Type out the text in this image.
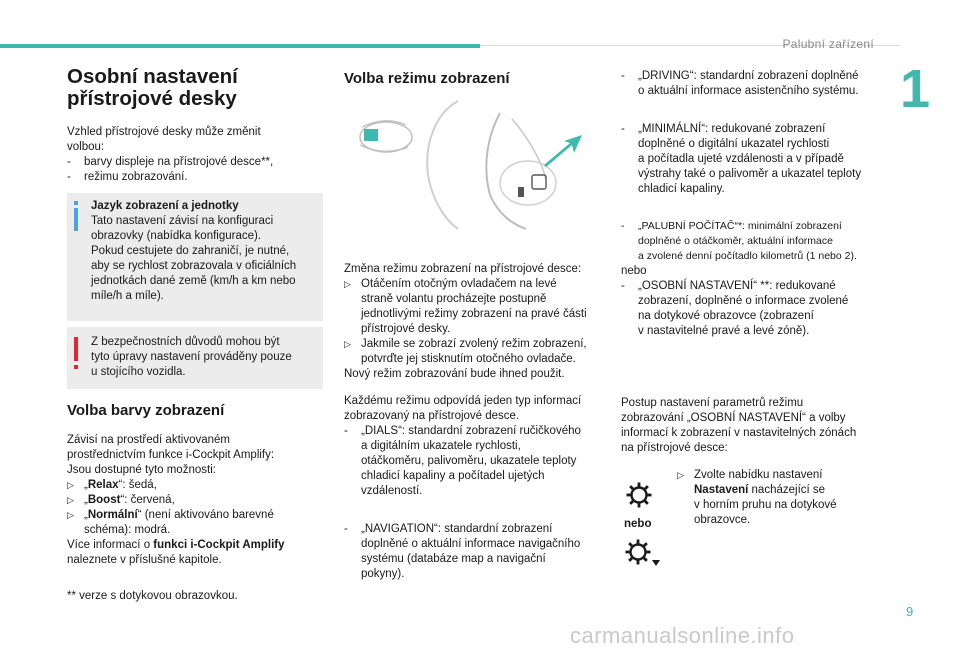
Palubní zařízení
1
Osobní nastavení
přístrojové desky
Vzhled přístrojové desky může změnit
volbou:
- barvy displeje na přístrojové desce**,
- režimu zobrazování.
Jazyk zobrazení a jednotky
Tato nastavení závisí na konfiguraci
obrazovky (nabídka konfigurace).
Pokud cestujete do zahraničí, je nutné,
aby se rychlost zobrazovala v oficiálních
jednotkách dané země (km/h a km nebo
míle/h a míle).
Z bezpečnostních důvodů mohou být
tyto úpravy nastavení prováděny pouze
u stojícího vozidla.
Volba barvy zobrazení
Závisí na prostředí aktivovaném
prostřednictvím funkce i-Cockpit Amplify:
Jsou dostupné tyto možnosti:
▷ „Relax“: šedá,
▷ „Boost“: červená,
▷ „Normální“ (není aktivováno barevné
schéma): modrá.
Více informací o funkci i-Cockpit Amplify
naleznete v příslušné kapitole.
** verze s dotykovou obrazovkou.
Volba režimu zobrazení
Změna režimu zobrazení na přístrojové desce:
▷ Otáčením otočným ovladačem na levé
straně volantu procházejte postupně
jednotlivými režimy zobrazení na pravé části
přístrojové desky.
▷ Jakmile se zobrazí zvolený režim zobrazení,
potvrďte jej stisknutím otočného ovladače.
Nový režim zobrazování bude ihned použit.
Každému režimu odpovídá jeden typ informací
zobrazovaný na přístrojové desce.
- „DIALS“: standardní zobrazení ručičkového
a digitálním ukazatele rychlosti,
otáčkoměru, palivoměru, ukazatele teploty
chladicí kapaliny a počítadel ujetých
vzdáleností.
- „NAVIGATION“: standardní zobrazení
doplněné o aktuální informace navigačního
systému (databáze map a navigační
pokyny).
- „DRIVING“: standardní zobrazení doplněné
o aktuální informace asistenčního systému.
- „MINIMÁLNÍ“: redukované zobrazení
doplněné o digitální ukazatel rychlosti
a počítadla ujeté vzdálenosti a v případě
výstrahy také o palivoměr a ukazatel teploty
chladicí kapaliny.
- „PALUBNÍ POČÍTAČ“*: minimální zobrazení
doplněné o otáčkoměr, aktuální informace
a zvolené denní počítadlo kilometrů (1 nebo 2).
nebo
- „OSOBNÍ NASTAVENÍ“ **: redukované
zobrazení, doplněné o informace zvolené
na dotykové obrazovce (zobrazení
v nastavitelné pravé a levé zóně).
Postup nastavení parametrů režimu
zobrazování „OSOBNÍ NASTAVENÍ“ a volby
informací k zobrazení v nastavitelných zónách
na přístrojové desce:
nebo
▷ Zvolte nabídku nastavení
Nastavení nacházející se
v horním pruhu na dotykové
obrazovce.
9
carmanualsonline.info
